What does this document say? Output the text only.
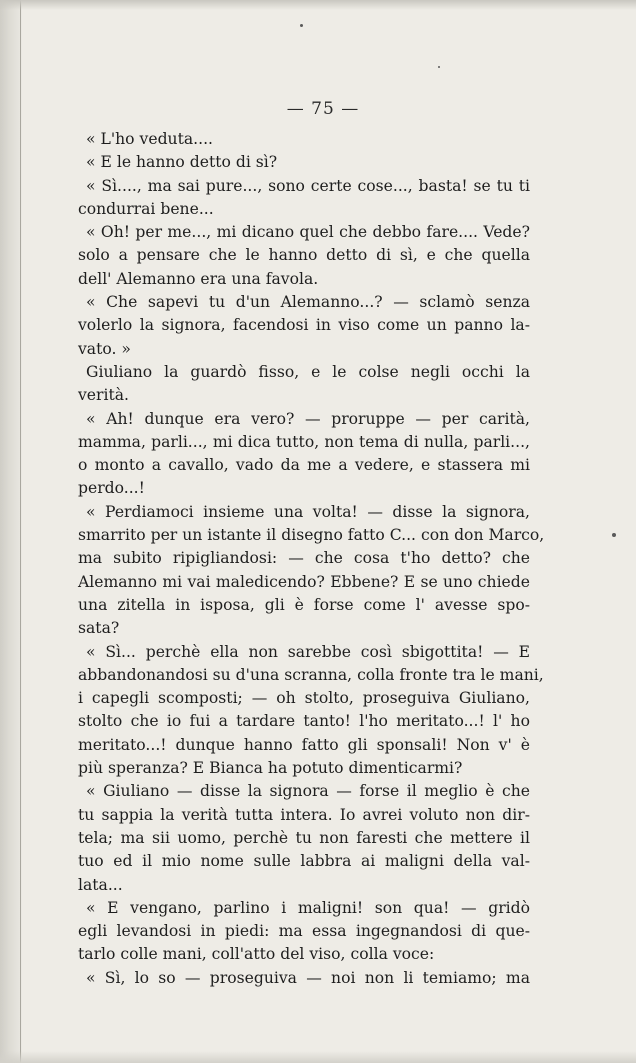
— 75 —
« L'ho veduta....
« E le hanno detto di sì?
« Sì...., ma sai pure..., sono certe cose..., basta! se tu ti
condurrai bene...
« Oh! per me..., mi dicano quel che debbo fare.... Vede?
solo a pensare che le hanno detto di sì, e che quella
dell' Alemanno era una favola.
« Che sapevi tu d'un Alemanno...? — sclamò senza
volerlo la signora, facendosi in viso come un panno la-
vato. »
Giuliano la guardò fisso, e le colse negli occhi la
verità.
« Ah! dunque era vero? — proruppe — per carità,
mamma, parli..., mi dica tutto, non tema di nulla, parli...,
o monto a cavallo, vado da me a vedere, e stassera mi
perdo...!
« Perdiamoci insieme una volta! — disse la signora,
smarrito per un istante il disegno fatto C... con don Marco,
ma subito ripigliandosi: — che cosa t'ho detto? che
Alemanno mi vai maledicendo? Ebbene? E se uno chiede
una zitella in isposa, gli è forse come l' avesse spo-
sata?
« Sì... perchè ella non sarebbe così sbigottita! — E
abbandonandosi su d'una scranna, colla fronte tra le mani,
i capegli scomposti; — oh stolto, proseguiva Giuliano,
stolto che io fui a tardare tanto! l'ho meritato...! l' ho
meritato...! dunque hanno fatto gli sponsali! Non v' è
più speranza? E Bianca ha potuto dimenticarmi?
« Giuliano — disse la signora — forse il meglio è che
tu sappia la verità tutta intera. Io avrei voluto non dir-
tela; ma sii uomo, perchè tu non faresti che mettere il
tuo ed il mio nome sulle labbra ai maligni della val-
lata...
« E vengano, parlino i maligni! son qua! — gridò
egli levandosi in piedi: ma essa ingegnandosi di que-
tarlo colle mani, coll'atto del viso, colla voce:
« Sì, lo so — proseguiva — noi non li temiamo; ma
